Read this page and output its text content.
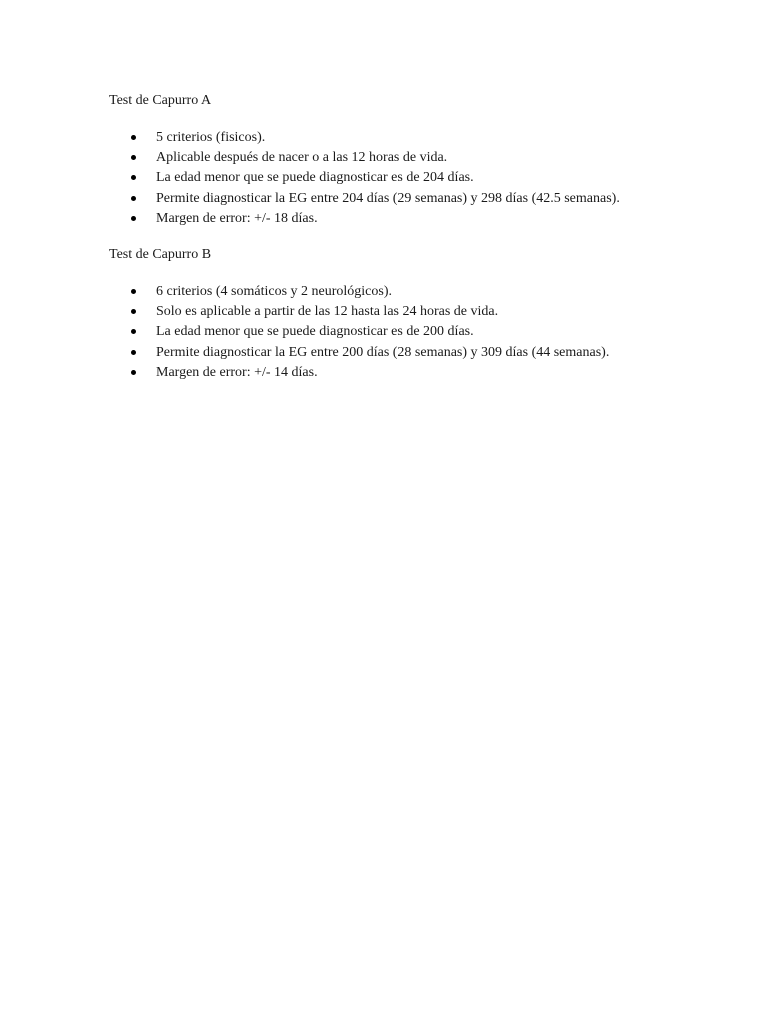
Test de Capurro A

5 criterios (fisicos).
Aplicable después de nacer o a las 12 horas de vida.
La edad menor que se puede diagnosticar es de 204 días.
Permite diagnosticar la EG entre 204 días (29 semanas) y 298 días (42.5 semanas).
Margen de error: +/- 18 días.

Test de Capurro B

6 criterios (4 somáticos y 2 neurológicos).
Solo es aplicable a partir de las 12 hasta las 24 horas de vida.
La edad menor que se puede diagnosticar es de 200 días.
Permite diagnosticar la EG entre 200 días (28 semanas) y 309 días (44 semanas).
Margen de error: +/- 14 días.
